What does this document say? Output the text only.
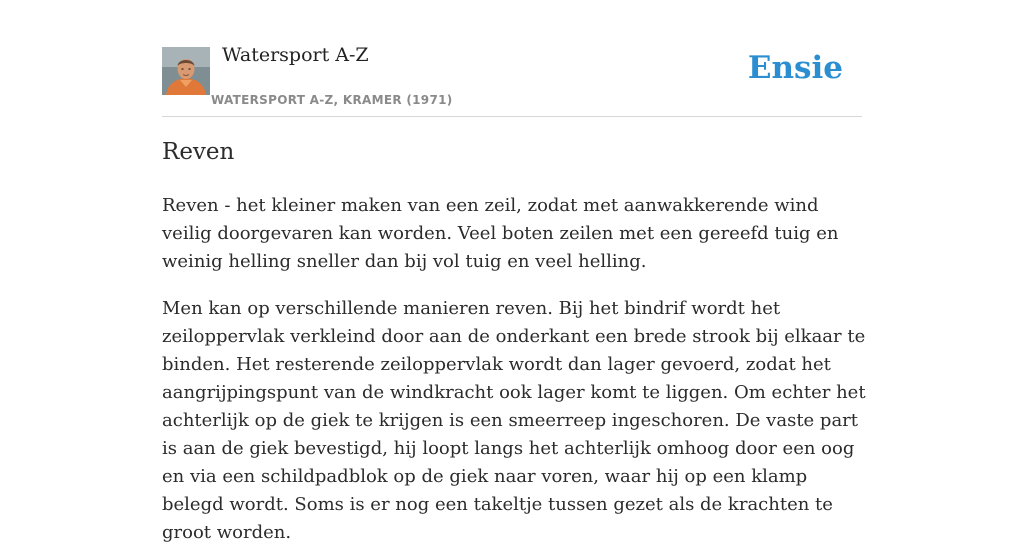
Watersport A-Z
WATERSPORT A-Z, KRAMER (1971)
Ensie
Reven

Reven - het kleiner maken van een zeil, zodat met aanwakkerende wind veilig doorgevaren kan worden. Veel boten zeilen met een gereefd tuig en weinig helling sneller dan bij vol tuig en veel helling.

Men kan op verschillende manieren reven. Bij het bindrif wordt het zeiloppervlak verkleind door aan de onderkant een brede strook bij elkaar te binden. Het resterende zeiloppervlak wordt dan lager gevoerd, zodat het aangrijpingspunt van de windkracht ook lager komt te liggen. Om echter het achterlijk op de giek te krijgen is een smeerreep ingeschoren. De vaste part is aan de giek bevestigd, hij loopt langs het achterlijk omhoog door een oog en via een schildpadblok op de giek naar voren, waar hij op een klamp belegd wordt. Soms is er nog een takeltje tussen gezet als de krachten te groot worden.
